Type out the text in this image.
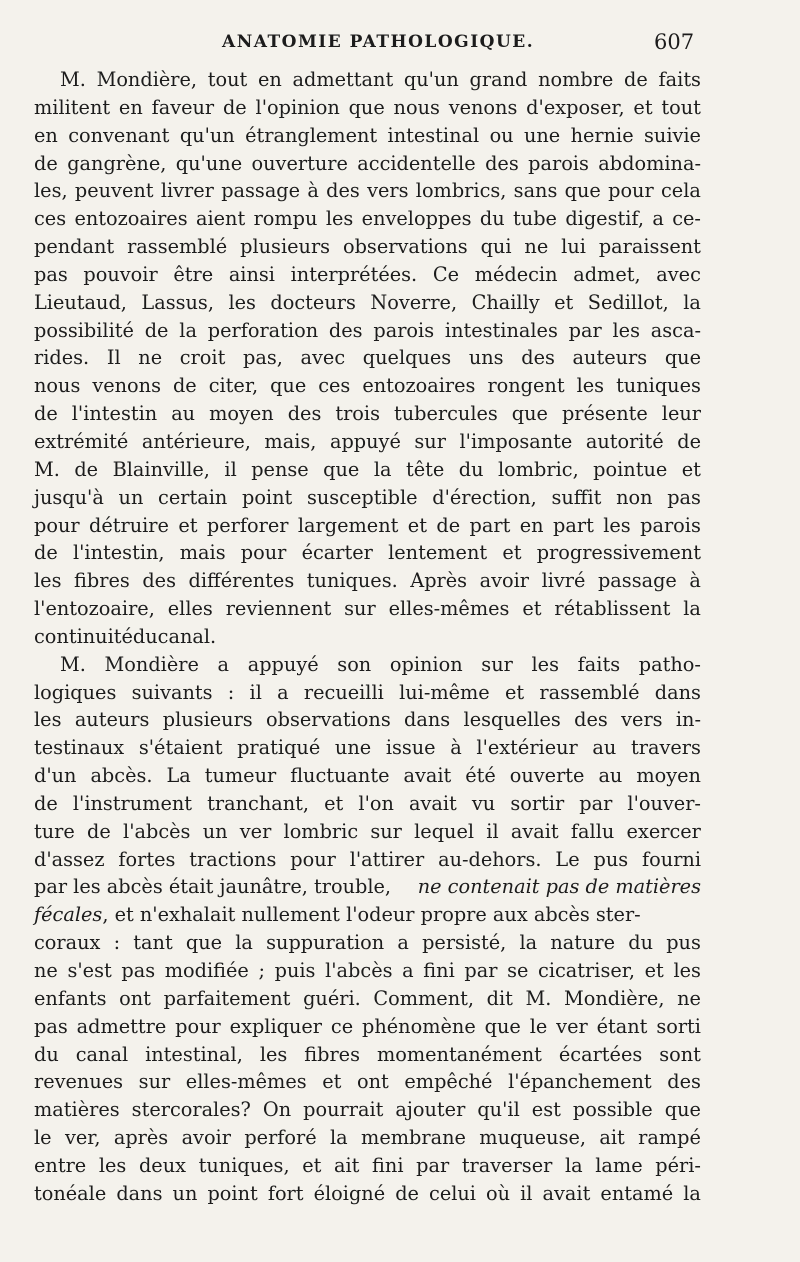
ANATOMIE PATHOLOGIQUE.	607
M. Mondière, tout en admettant qu'un grand nombre de faits
militent en faveur de l'opinion que nous venons d'exposer, et tout
en convenant qu'un étranglement intestinal ou une hernie suivie
de gangrène, qu'une ouverture accidentelle des parois abdomina-
les, peuvent livrer passage à des vers lombrics, sans que pour cela
ces entozoaires aient rompu les enveloppes du tube digestif, a ce-
pendant rassemblé plusieurs observations qui ne lui paraissent
pas pouvoir être ainsi interprétées. Ce médecin admet, avec
Lieutaud, Lassus, les docteurs Noverre, Chailly et Sedillot, la
possibilité de la perforation des parois intestinales par les asca-
rides. Il ne croit pas, avec quelques uns des auteurs que
nous venons de citer, que ces entozoaires rongent les tuniques
de l'intestin au moyen des trois tubercules que présente leur
extrémité antérieure, mais, appuyé sur l'imposante autorité de
M. de Blainville, il pense que la tête du lombric, pointue et
jusqu'à un certain point susceptible d'érection, suffit non pas
pour détruire et perforer largement et de part en part les parois
de l'intestin, mais pour écarter lentement et progressivement
les fibres des différentes tuniques. Après avoir livré passage à
l'entozoaire, elles reviennent sur elles-mêmes et rétablissent la
continuité du canal.
M. Mondière a appuyé son opinion sur les faits patho-
logiques suivants : il a recueilli lui-même et rassemblé dans
les auteurs plusieurs observations dans lesquelles des vers in-
testinaux s'étaient pratiqué une issue à l'extérieur au travers
d'un abcès. La tumeur fluctuante avait été ouverte au moyen
de l'instrument tranchant, et l'on avait vu sortir par l'ouver-
ture de l'abcès un ver lombric sur lequel il avait fallu exercer
d'assez fortes tractions pour l'attirer au-dehors. Le pus fourni
par les abcès était jaunâtre, trouble, ne contenait pas de matières
fécales , et n'exhalait nullement l'odeur propre aux abcès ster-
coraux : tant que la suppuration a persisté, la nature du pus
ne s'est pas modifiée ; puis l'abcès a fini par se cicatriser, et les
enfants ont parfaitement guéri. Comment, dit M. Mondière, ne
pas admettre pour expliquer ce phénomène que le ver étant sorti
du canal intestinal, les fibres momentanément écartées sont
revenues sur elles-mêmes et ont empêché l'épanchement des
matières stercorales? On pourrait ajouter qu'il est possible que
le ver, après avoir perforé la membrane muqueuse, ait rampé
entre les deux tuniques, et ait fini par traverser la lame péri-
tonéale dans un point fort éloigné de celui où il avait entamé la
